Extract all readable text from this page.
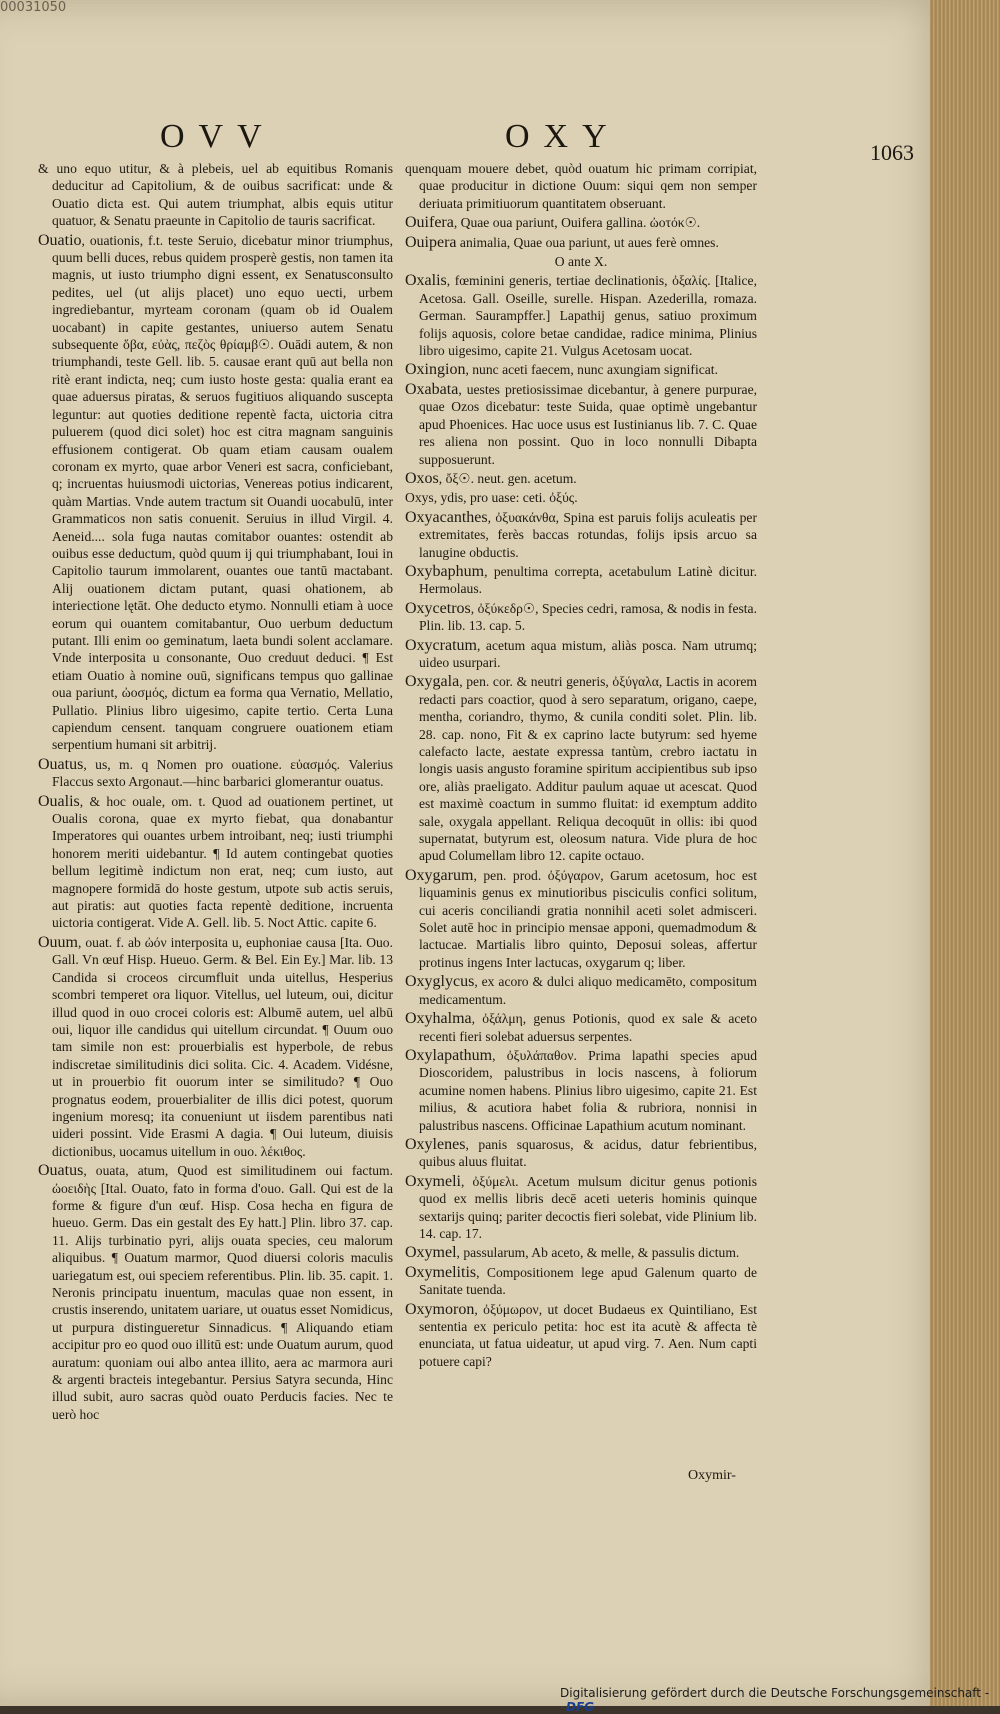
00031050
OVV	OXY	1063

& uno equo utitur, & à plebeis, uel ab equitibus Romanis deducitur ad Capitolium, & de ouibus sacrificat: unde & Ouatio dicta est. Qui autem triumphat, albis equis utitur quatuor, & Senatu praeunte in Capitolio de tauris sacrificat.

Ouatio, ouationis, f.t. teste Seruio, dicebatur minor triumphus, quum belli duces, rebus quidem prosperè gestis, non tamen ita magnis, ut iusto triumpho digni essent, ex Senatusconsulto pedites, uel (ut alijs placet) uno equo uecti, urbem ingrediebantur, myrteam coronam (quam ob id Oualem uocabant) in capite gestantes, uniuerso autem Senatu subsequente ὄβα, εὐὰς, πεζὸς θρίαμβ☉. Ouādi autem, & non triumphandi, teste Gell. lib. 5. causae erant quū aut bella non ritè erant indicta, neq; cum iusto hoste gesta: qualia erant ea quae aduersus piratas, & seruos fugitiuos aliquando suscepta leguntur: aut quoties deditione repentè facta, uictoria citra puluerem (quod dici solet) hoc est citra magnam sanguinis effusionem contigerat. Ob quam etiam causam oualem coronam ex myrto, quae arbor Veneri est sacra, conficiebant, q; incruentas huiusmodi uictorias, Venereas potius indicarent, quàm Martias. Vnde autem tractum sit Ouandi uocabulū, inter Grammaticos non satis conuenit. Seruius in illud Virgil. 4. Aeneid.... sola fuga nautas comitabor ouantes: ostendit ab ouibus esse deductum, quòd quum ij qui triumphabant, Ioui in Capitolio taurum immolarent, ouantes oue tantū mactabant. Alij ouationem dictam putant, quasi ohationem, ab interiectione lętāt. Ohe deducto etymo. Nonnulli etiam à uoce eorum qui ouantem comitabantur, Ouo uerbum deductum putant. Illi enim oo geminatum, laeta bundi solent acclamare. Vnde interposita u consonante, Ouo creduut deduci. ¶ Est etiam Ouatio à nomine ouū, significans tempus quo gallinae oua pariunt, ὠοσμός, dictum ea forma qua Vernatio, Mellatio, Pullatio. Plinius libro uigesimo, capite tertio. Certa Luna capiendum censent. tanquam congruere ouationem etiam serpentium humani sit arbitrij.

Ouatus, us, m. q Nomen pro ouatione. εὐασμός. Valerius Flaccus sexto Argonaut.—hinc barbarici glomerantur ouatus.

Oualis, & hoc ouale, om. t. Quod ad ouationem pertinet, ut Oualis corona, quae ex myrto fiebat, qua donabantur Imperatores qui ouantes urbem introibant, neq; iusti triumphi honorem meriti uidebantur. ¶ Id autem contingebat quoties bellum legitimè indictum non erat, neq; cum iusto, aut magnopere formidā do hoste gestum, utpote sub actis seruis, aut piratis: aut quoties facta repentè deditione, incruenta uictoria contigerat. Vide A. Gell. lib. 5. Noct Attic. capite 6.

Ouum, ouat. f. ab ὠόν interposita u, euphoniae causa [Ita. Ouo. Gall. Vn œuf Hisp. Hueuo. Germ. & Bel. Ein Ey.] Mar. lib. 13 Candida si croceos circumfluit unda uitellus, Hesperius scombri temperet ora liquor. Vitellus, uel luteum, oui, dicitur illud quod in ouo crocei coloris est: Albumē autem, uel albū oui, liquor ille candidus qui uitellum circundat. ¶ Ouum ouo tam simile non est: prouerbialis est hyperbole, de rebus indiscretae similitudinis dici solita. Cic. 4. Academ. Vidésne, ut in prouerbio fit ouorum inter se similitudo? ¶ Ouo prognatus eodem, prouerbialiter de illis dici potest, quorum ingenium moresq; ita conueniunt ut iisdem parentibus nati uideri possint. Vide Erasmi A dagia. ¶ Oui luteum, diuisis dictionibus, uocamus uitellum in ouo. λέκιθος.

Ouatus, ouata, atum, Quod est similitudinem oui factum. ὠοειδὴς [Ital. Ouato, fato in forma d'ouo. Gall. Qui est de la forme & figure d'un œuf. Hisp. Cosa hecha en figura de hueuo. Germ. Das ein gestalt des Ey hatt.] Plin. libro 37. cap. 11. Alijs turbinatio pyri, alijs ouata species, ceu malorum aliquibus. ¶ Ouatum marmor, Quod diuersi coloris maculis uariegatum est, oui speciem referentibus. Plin. lib. 35. capit. 1. Neronis principatu inuentum, maculas quae non essent, in crustis inserendo, unitatem uariare, ut ouatus esset Nomidicus, ut purpura distingueretur Sinnadicus. ¶ Aliquando etiam accipitur pro eo quod ouo illitū est: unde Ouatum aurum, quod auratum: quoniam oui albo antea illito, aera ac marmora auri & argenti bracteis integebantur. Persius Satyra secunda, Hinc illud subit, auro sacras quòd ouato Perducis facies. Nec te uerò hoc

quenquam mouere debet, quòd ouatum hic primam corripiat, quae producitur in dictione Ouum: siqui qem non semper deriuata primitiuorum quantitatem obseruant.

Ouifera, Quae oua pariunt, Ouifera gallina. ὠοτόκ☉.

Ouipera animalia, Quae oua pariunt, ut aues ferè omnes.

O ante X.

Oxalis, fœminini generis, tertiae declinationis, ὀξαλίς. [Italice, Acetosa. Gall. Oseille, surelle. Hispan. Azederilla, romaza. German. Saurampffer.] Lapathij genus, satiuo proximum folijs aquosis, colore betae candidae, radice minima, Plinius libro uigesimo, capite 21. Vulgus Acetosam uocat.

Oxingion, nunc aceti faecem, nunc axungiam significat.

Oxabata, uestes pretiosissimae dicebantur, à genere purpurae, quae Ozos dicebatur: teste Suida, quae optimè ungebantur apud Phoenices. Hac uoce usus est Iustinianus lib. 7. C. Quae res aliena non possint. Quo in loco nonnulli Dibapta supposuerunt.

Oxos, ὄξ☉. neut. gen. acetum.

Oxys, ydis, pro uase: ceti. ὀξύς.

Oxyacanthes, ὀξυακάνθα, Spina est paruis folijs aculeatis per extremitates, ferès baccas rotundas, folijs ipsis arcuo sa lanugine obductis.

Oxybaphum, penultima correpta, acetabulum Latinè dicitur. Hermolaus.

Oxycetros, ὀξύκεδρ☉, Species cedri, ramosa, & nodis in festa. Plin. lib. 13. cap. 5.

Oxycratum, acetum aqua mistum, aliàs posca. Nam utrumq; uideo usurpari.

Oxygala, pen. cor. & neutri generis, ὀξύγαλα, Lactis in acorem redacti pars coactior, quod à sero separatum, origano, caepe, mentha, coriandro, thymo, & cunila conditi solet. Plin. lib. 28. cap. nono, Fit & ex caprino lacte butyrum: sed hyeme calefacto lacte, aestate expressa tantùm, crebro iactatu in longis uasis angusto foramine spiritum accipientibus sub ipso ore, aliàs praeligato. Additur paulum aquae ut acescat. Quod est maximè coactum in summo fluitat: id exemptum addito sale, oxygala appellant. Reliqua decoquūt in ollis: ibi quod supernatat, butyrum est, oleosum natura. Vide plura de hoc apud Columellam libro 12. capite octauo.

Oxygarum, pen. prod. ὀξύγαρον, Garum acetosum, hoc est liquaminis genus ex minutioribus pisciculis confici solitum, cui aceris conciliandi gratia nonnihil aceti solet admisceri. Solet autē hoc in principio mensae apponi, quemadmodum & lactucae. Martialis libro quinto, Deposui soleas, affertur protinus ingens Inter lactucas, oxygarum q; liber.

Oxyglycus, ex acoro & dulci aliquo medicamēto, compositum medicamentum.

Oxyhalma, ὀξάλμη, genus Potionis, quod ex sale & aceto recenti fieri solebat aduersus serpentes.

Oxylapathum, ὀξυλάπαθον. Prima lapathi species apud Dioscoridem, palustribus in locis nascens, à foliorum acumine nomen habens. Plinius libro uigesimo, capite 21. Est milius, & acutiora habet folia & rubriora, nonnisi in palustribus nascens. Officinae Lapathium acutum nominant.

Oxylenes, panis squarosus, & acidus, datur febrientibus, quibus aluus fluitat.

Oxymeli, ὀξύμελι. Acetum mulsum dicitur genus potionis quod ex mellis libris decē aceti ueteris hominis quinque sextarijs quinq; pariter decoctis fieri solebat, vide Plinium lib. 14. cap. 17.

Oxymel, passularum, Ab aceto, & melle, & passulis dictum.

Oxymelitis, Compositionem lege apud Galenum quarto de Sanitate tuenda.

Oxymoron, ὀξύμωρον, ut docet Budaeus ex Quintiliano, Est sententia ex periculo petita: hoc est ita acutè & affecta tè enunciata, ut fatua uideatur, ut apud virg. 7. Aen. Num capti potuere capi?

Oxymir-
Digitalisierung gefördert durch die Deutsche Forschungsgemeinschaft -DFG
